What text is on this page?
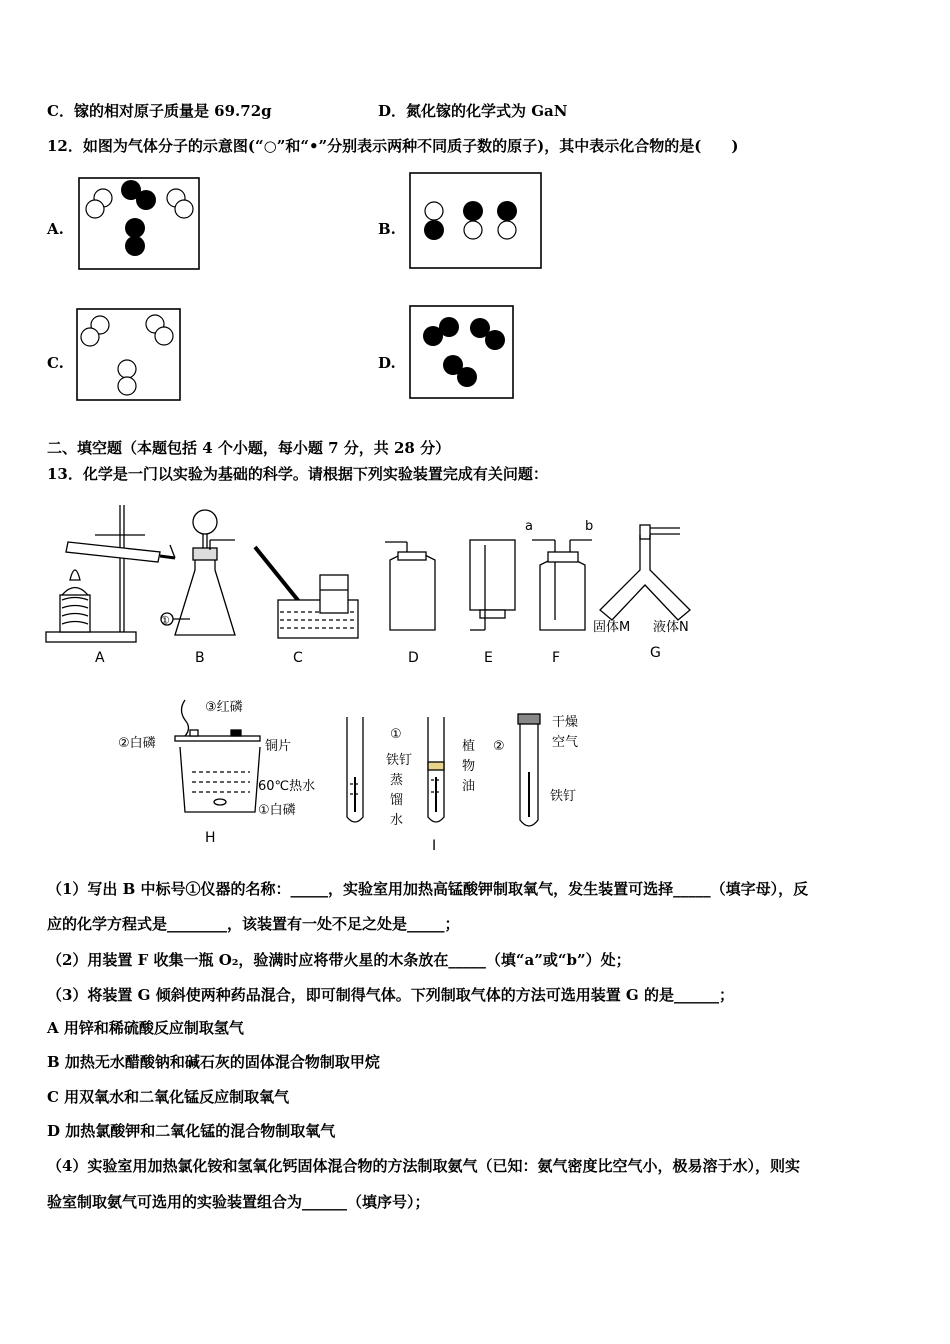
C．镓的相对原子质量是 69.72g	D．氮化镓的化学式为 GaN
12．如图为气体分子的示意图(“○”和“•”分别表示两种不同质子数的原子)，其中表示化合物的是(　　)
A.	B.
C.	D.
二、填空题（本题包括 4 个小题，每小题 7 分，共 28 分）
13．化学是一门以实验为基础的科学。请根据下列实验装置完成有关问题：
A
①
B	C	D	E
a	b
F
固体M 液体N
G
③红磷
②白磷	铜片
60℃热水
①白磷
H
①
铁钉
蒸
馏
水
植
物
油
②
干燥
空气
铁钉
I
（1）写出 B 中标号①仪器的名称：_____，实验室用加热高锰酸钾制取氧气，发生装置可选择_____（填字母），反
应的化学方程式是________，该装置有一处不足之处是_____；
（2）用装置 F 收集一瓶 O₂，验满时应将带火星的木条放在_____（填“a”或“b”）处；
（3）将装置 G 倾斜使两种药品混合，即可制得气体。下列制取气体的方法可选用装置 G 的是______；
A 用锌和稀硫酸反应制取氢气
B 加热无水醋酸钠和碱石灰的固体混合物制取甲烷
C 用双氧水和二氧化锰反应制取氧气
D 加热氯酸钾和二氧化锰的混合物制取氧气
（4）实验室用加热氯化铵和氢氧化钙固体混合物的方法制取氨气（已知：氨气密度比空气小，极易溶于水），则实
验室制取氨气可选用的实验装置组合为______（填序号）；
